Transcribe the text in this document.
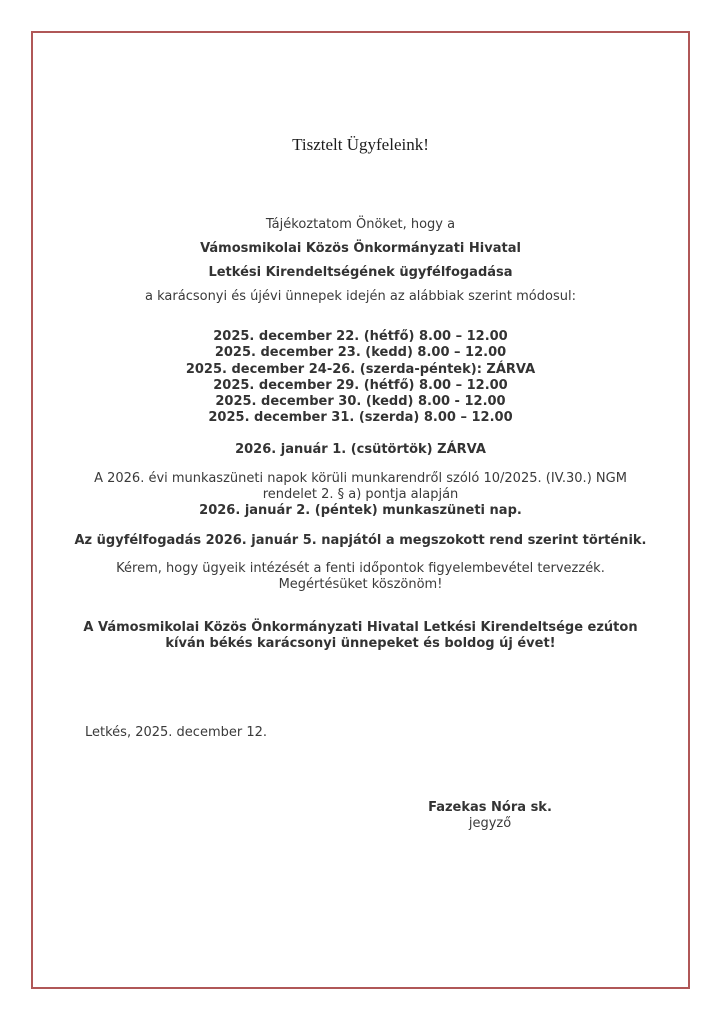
Tisztelt Ügyfeleink!
Tájékoztatom Önöket, hogy a
Vámosmikolai Közös Önkormányzati Hivatal
Letkési Kirendeltségének ügyfélfogadása
a karácsonyi és újévi ünnepek idején az alábbiak szerint módosul:
2025. december 22. (hétfő) 8.00 – 12.00
2025. december 23. (kedd) 8.00 – 12.00
2025. december 24-26. (szerda-péntek): ZÁRVA
2025. december 29. (hétfő) 8.00 – 12.00
2025. december 30. (kedd) 8.00 - 12.00
2025. december 31. (szerda) 8.00 – 12.00
2026. január 1. (csütörtök) ZÁRVA
A 2026. évi munkaszüneti napok körüli munkarendről szóló 10/2025. (IV.30.) NGM
rendelet 2. § a) pontja alapján
2026. január 2. (péntek) munkaszüneti nap.
Az ügyfélfogadás 2026. január 5. napjától a megszokott rend szerint történik.
Kérem, hogy ügyeik intézését a fenti időpontok figyelembevétel tervezzék.
Megértésüket köszönöm!
A Vámosmikolai Közös Önkormányzati Hivatal Letkési Kirendeltsége ezúton
kíván békés karácsonyi ünnepeket és boldog új évet!
Letkés, 2025. december 12.
Fazekas Nóra sk.
jegyző
